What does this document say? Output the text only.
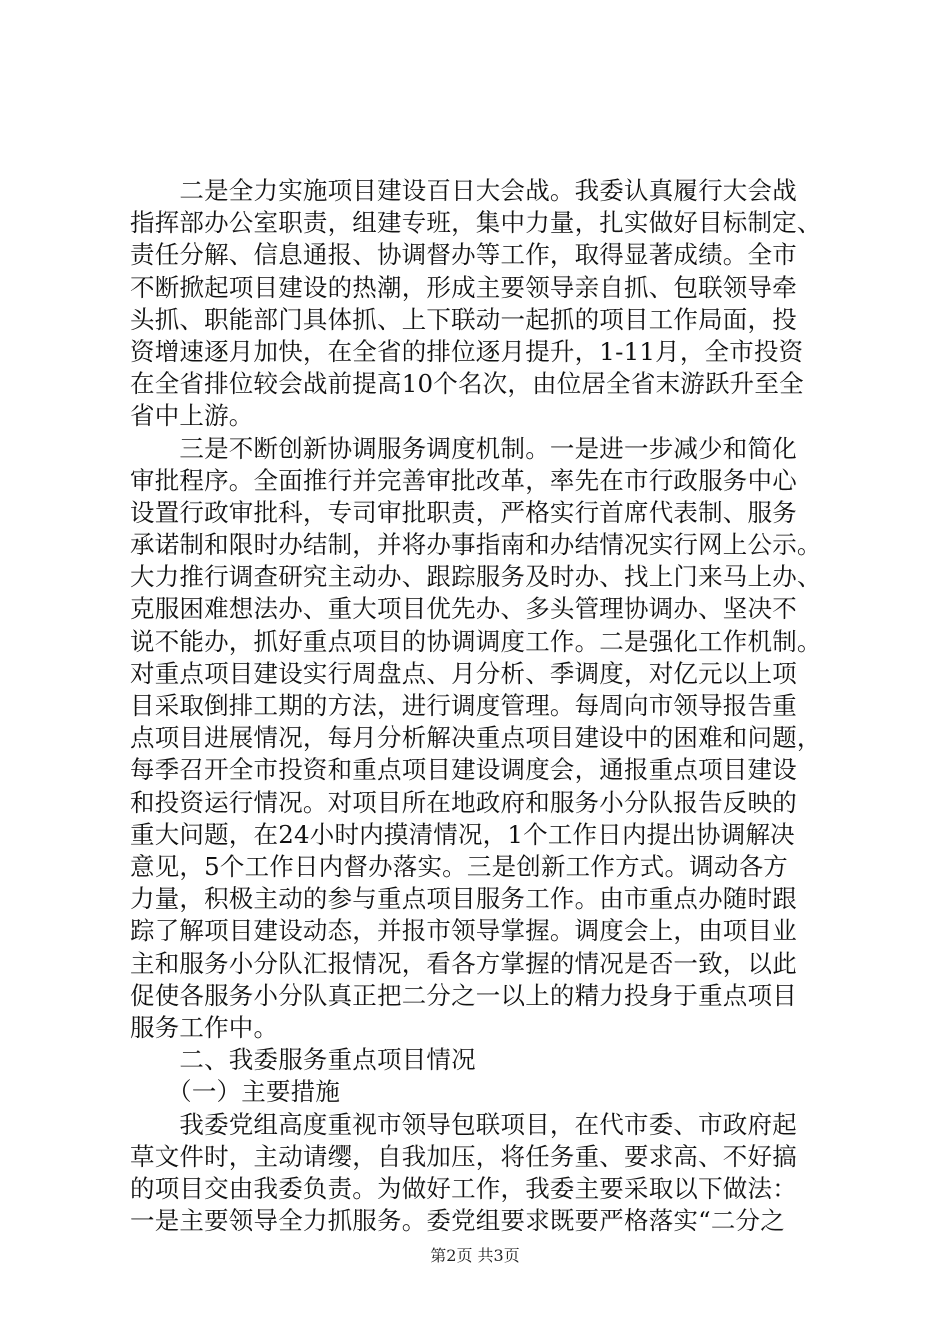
　　二是全力实施项目建设百日大会战。我委认真履行大会战
指挥部办公室职责，组建专班，集中力量，扎实做好目标制定、
责任分解、信息通报、协调督办等工作，取得显著成绩。全市
不断掀起项目建设的热潮，形成主要领导亲自抓、包联领导牵
头抓、职能部门具体抓、上下联动一起抓的项目工作局面，投
资增速逐月加快，在全省的排位逐月提升，1-11月，全市投资
在全省排位较会战前提高10个名次，由位居全省末游跃升至全
省中上游。
　　三是不断创新协调服务调度机制。一是进一步减少和简化
审批程序。全面推行并完善审批改革，率先在市行政服务中心
设置行政审批科，专司审批职责，严格实行首席代表制、服务
承诺制和限时办结制，并将办事指南和办结情况实行网上公示。
大力推行调查研究主动办、跟踪服务及时办、找上门来马上办、
克服困难想法办、重大项目优先办、多头管理协调办、坚决不
说不能办，抓好重点项目的协调调度工作。二是强化工作机制。
对重点项目建设实行周盘点、月分析、季调度，对亿元以上项
目采取倒排工期的方法，进行调度管理。每周向市领导报告重
点项目进展情况，每月分析解决重点项目建设中的困难和问题，
每季召开全市投资和重点项目建设调度会，通报重点项目建设
和投资运行情况。对项目所在地政府和服务小分队报告反映的
重大问题，在24小时内摸清情况，1个工作日内提出协调解决
意见，5个工作日内督办落实。三是创新工作方式。调动各方
力量，积极主动的参与重点项目服务工作。由市重点办随时跟
踪了解项目建设动态，并报市领导掌握。调度会上，由项目业
主和服务小分队汇报情况，看各方掌握的情况是否一致，以此
促使各服务小分队真正把二分之一以上的精力投身于重点项目
服务工作中。
　　二、我委服务重点项目情况
　　（一）主要措施
　　我委党组高度重视市领导包联项目，在代市委、市政府起
草文件时，主动请缨，自我加压，将任务重、要求高、不好搞
的项目交由我委负责。为做好工作，我委主要采取以下做法：
一是主要领导全力抓服务。委党组要求既要严格落实“二分之
第2页 共3页
